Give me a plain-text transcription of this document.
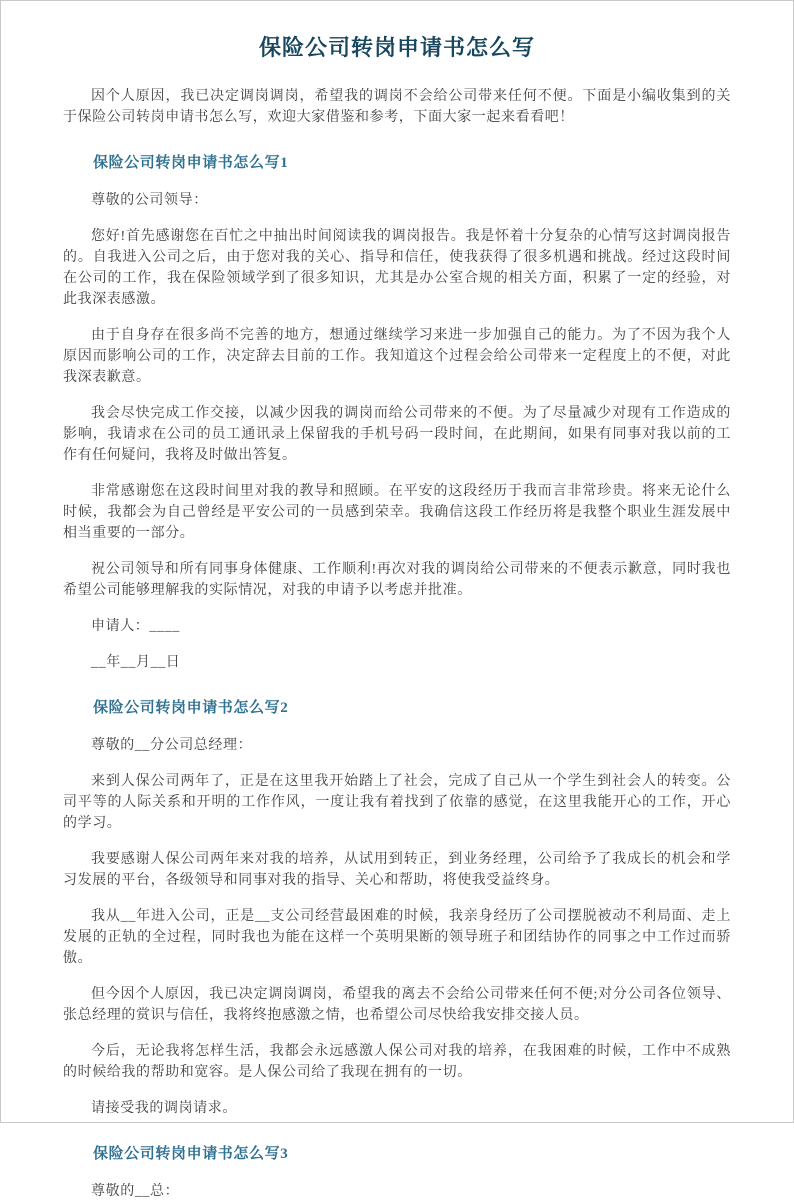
保险公司转岗申请书怎么写

因个人原因，我已决定调岗调岗，希望我的调岗不会给公司带来任何不便。下面是小编收集到的关于保险公司转岗申请书怎么写，欢迎大家借鉴和参考，下面大家一起来看看吧！

保险公司转岗申请书怎么写1

尊敬的公司领导：

您好!首先感谢您在百忙之中抽出时间阅读我的调岗报告。我是怀着十分复杂的心情写这封调岗报告的。自我进入公司之后，由于您对我的关心、指导和信任，使我获得了很多机遇和挑战。经过这段时间在公司的工作，我在保险领域学到了很多知识，尤其是办公室合规的相关方面，积累了一定的经验，对此我深表感激。

由于自身存在很多尚不完善的地方，想通过继续学习来进一步加强自己的能力。为了不因为我个人原因而影响公司的工作，决定辞去目前的工作。我知道这个过程会给公司带来一定程度上的不便，对此我深表歉意。

我会尽快完成工作交接，以减少因我的调岗而给公司带来的不便。为了尽量减少对现有工作造成的影响，我请求在公司的员工通讯录上保留我的手机号码一段时间，在此期间，如果有同事对我以前的工作有任何疑问，我将及时做出答复。

非常感谢您在这段时间里对我的教导和照顾。在平安的这段经历于我而言非常珍贵。将来无论什么时候，我都会为自己曾经是平安公司的一员感到荣幸。我确信这段工作经历将是我整个职业生涯发展中相当重要的一部分。

祝公司领导和所有同事身体健康、工作顺利!再次对我的调岗给公司带来的不便表示歉意，同时我也希望公司能够理解我的实际情况，对我的申请予以考虑并批准。

申请人：____

__年__月__日

保险公司转岗申请书怎么写2

尊敬的__分公司总经理：

来到人保公司两年了，正是在这里我开始踏上了社会，完成了自己从一个学生到社会人的转变。公司平等的人际关系和开明的工作作风，一度让我有着找到了依靠的感觉，在这里我能开心的工作，开心的学习。

我要感谢人保公司两年来对我的培养，从试用到转正，到业务经理，公司给予了我成长的机会和学习发展的平台，各级领导和同事对我的指导、关心和帮助，将使我受益终身。

我从__年进入公司，正是__支公司经营最困难的时候，我亲身经历了公司摆脱被动不利局面、走上发展的正轨的全过程，同时我也为能在这样一个英明果断的领导班子和团结协作的同事之中工作过而骄傲。

但今因个人原因，我已决定调岗调岗，希望我的离去不会给公司带来任何不便;对分公司各位领导、张总经理的赏识与信任，我将终抱感激之情，也希望公司尽快给我安排交接人员。

今后，无论我将怎样生活，我都会永远感激人保公司对我的培养，在我困难的时候，工作中不成熟的时候给我的帮助和宽容。是人保公司给了我现在拥有的一切。

请接受我的调岗请求。

保险公司转岗申请书怎么写3

尊敬的__总：
